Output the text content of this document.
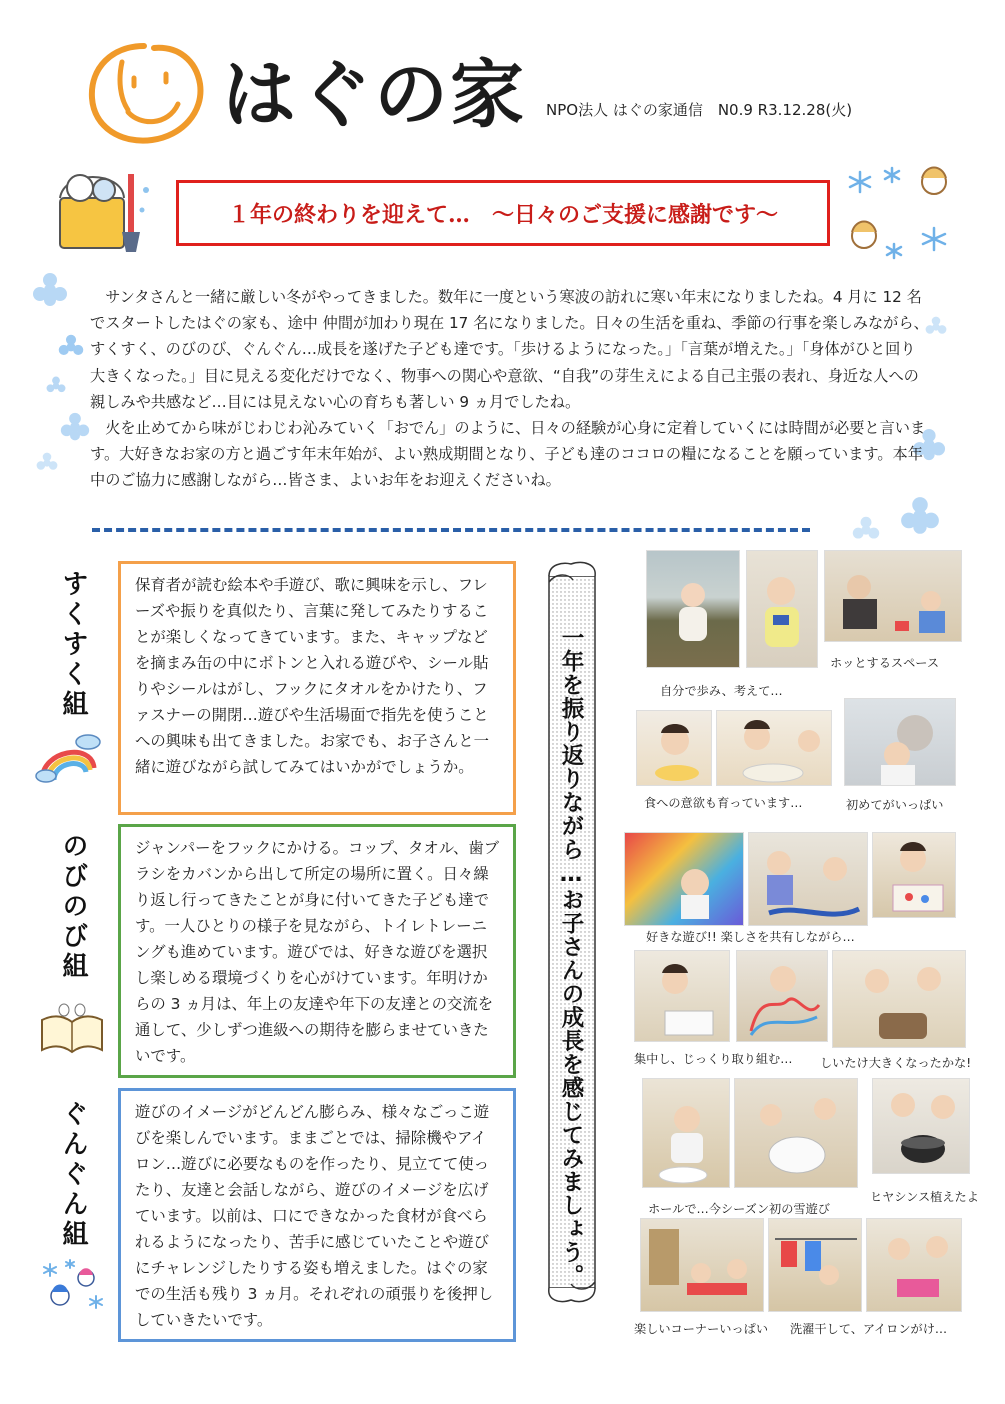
はぐの家 NPO法人 はぐの家通信　N0.9 R3.12.28(火)
１年の終わりを迎えて…　～日々のご支援に感謝です～

サンタさんと一緒に厳しい冬がやってきました。数年に一度という寒波の訪れに寒い年末になりましたね。4 月に 12 名でスタートしたはぐの家も、途中 仲間が加わり現在 17 名になりました。日々の生活を重ね、季節の行事を楽しみながら、すくすく、のびのび、ぐんぐん…成長を遂げた子ども達です。「歩けるようになった。」「言葉が増えた。」「身体がひと回り大きくなった。」目に見える変化だけでなく、物事への関心や意欲、“自我”の芽生えによる自己主張の表れ、身近な人への親しみや共感など…目には見えない心の育ちも著しい 9 ヵ月でしたね。

火を止めてから味がじわじわ沁みていく「おでん」のように、日々の経験が心身に定着していくには時間が必要と言います。大好きなお家の方と過ごす年末年始が、よい熟成期間となり、子ども達のココロの糧になることを願っています。本年中のご協力に感謝しながら…皆さま、よいお年をお迎えくださいね。

すくすく組	保育者が読む絵本や手遊び、歌に興味を示し、フレーズや振りを真似たり、言葉に発してみたりすることが楽しくなってきています。また、キャップなどを摘まみ缶の中にボトンと入れる遊びや、シール貼りやシールはがし、フックにタオルをかけたり、ファスナーの開閉…遊びや生活場面で指先を使うことへの興味も出てきました。お家でも、お子さんと一緒に遊びながら試してみてはいかがでしょうか。
のびのび組	ジャンパーをフックにかける。コップ、タオル、歯ブラシをカバンから出して所定の場所に置く。日々繰り返し行ってきたことが身に付いてきた子ども達です。一人ひとりの様子を見ながら、トイレトレーニングも進めています。遊びでは、好きな遊びを選択し楽しめる環境づくりを心がけています。年明けからの 3 ヵ月は、年上の友達や年下の友達との交流を通して、少しずつ進級への期待を膨らませていきたいです。
ぐんぐん組	遊びのイメージがどんどん膨らみ、様々なごっこ遊びを楽しんでいます。ままごとでは、掃除機やアイロン…遊びに必要なものを作ったり、見立てて使ったり、友達と会話しながら、遊びのイメージを広げています。以前は、口にできなかった食材が食べられるようになったり、苦手に感じていたことや遊びにチャレンジしたりする姿も増えました。はぐの家での生活も残り 3 ヵ月。それぞれの頑張りを後押ししていきたいです。
一年を振り返りながら…お子さんの成長を感じてみましょう。	自分で歩み、考えて…
ホッとするスペース
食への意欲も育っています…	初めてがいっぱい
好きな遊び!! 楽しさを共有しながら…
集中し、じっくり取り組む… しいたけ大きくなったかな!
ホールで…今シーズン初の雪遊び
ヒヤシンス植えたよ
楽しいコーナーいっぱい 洗濯干して、アイロンがけ…
